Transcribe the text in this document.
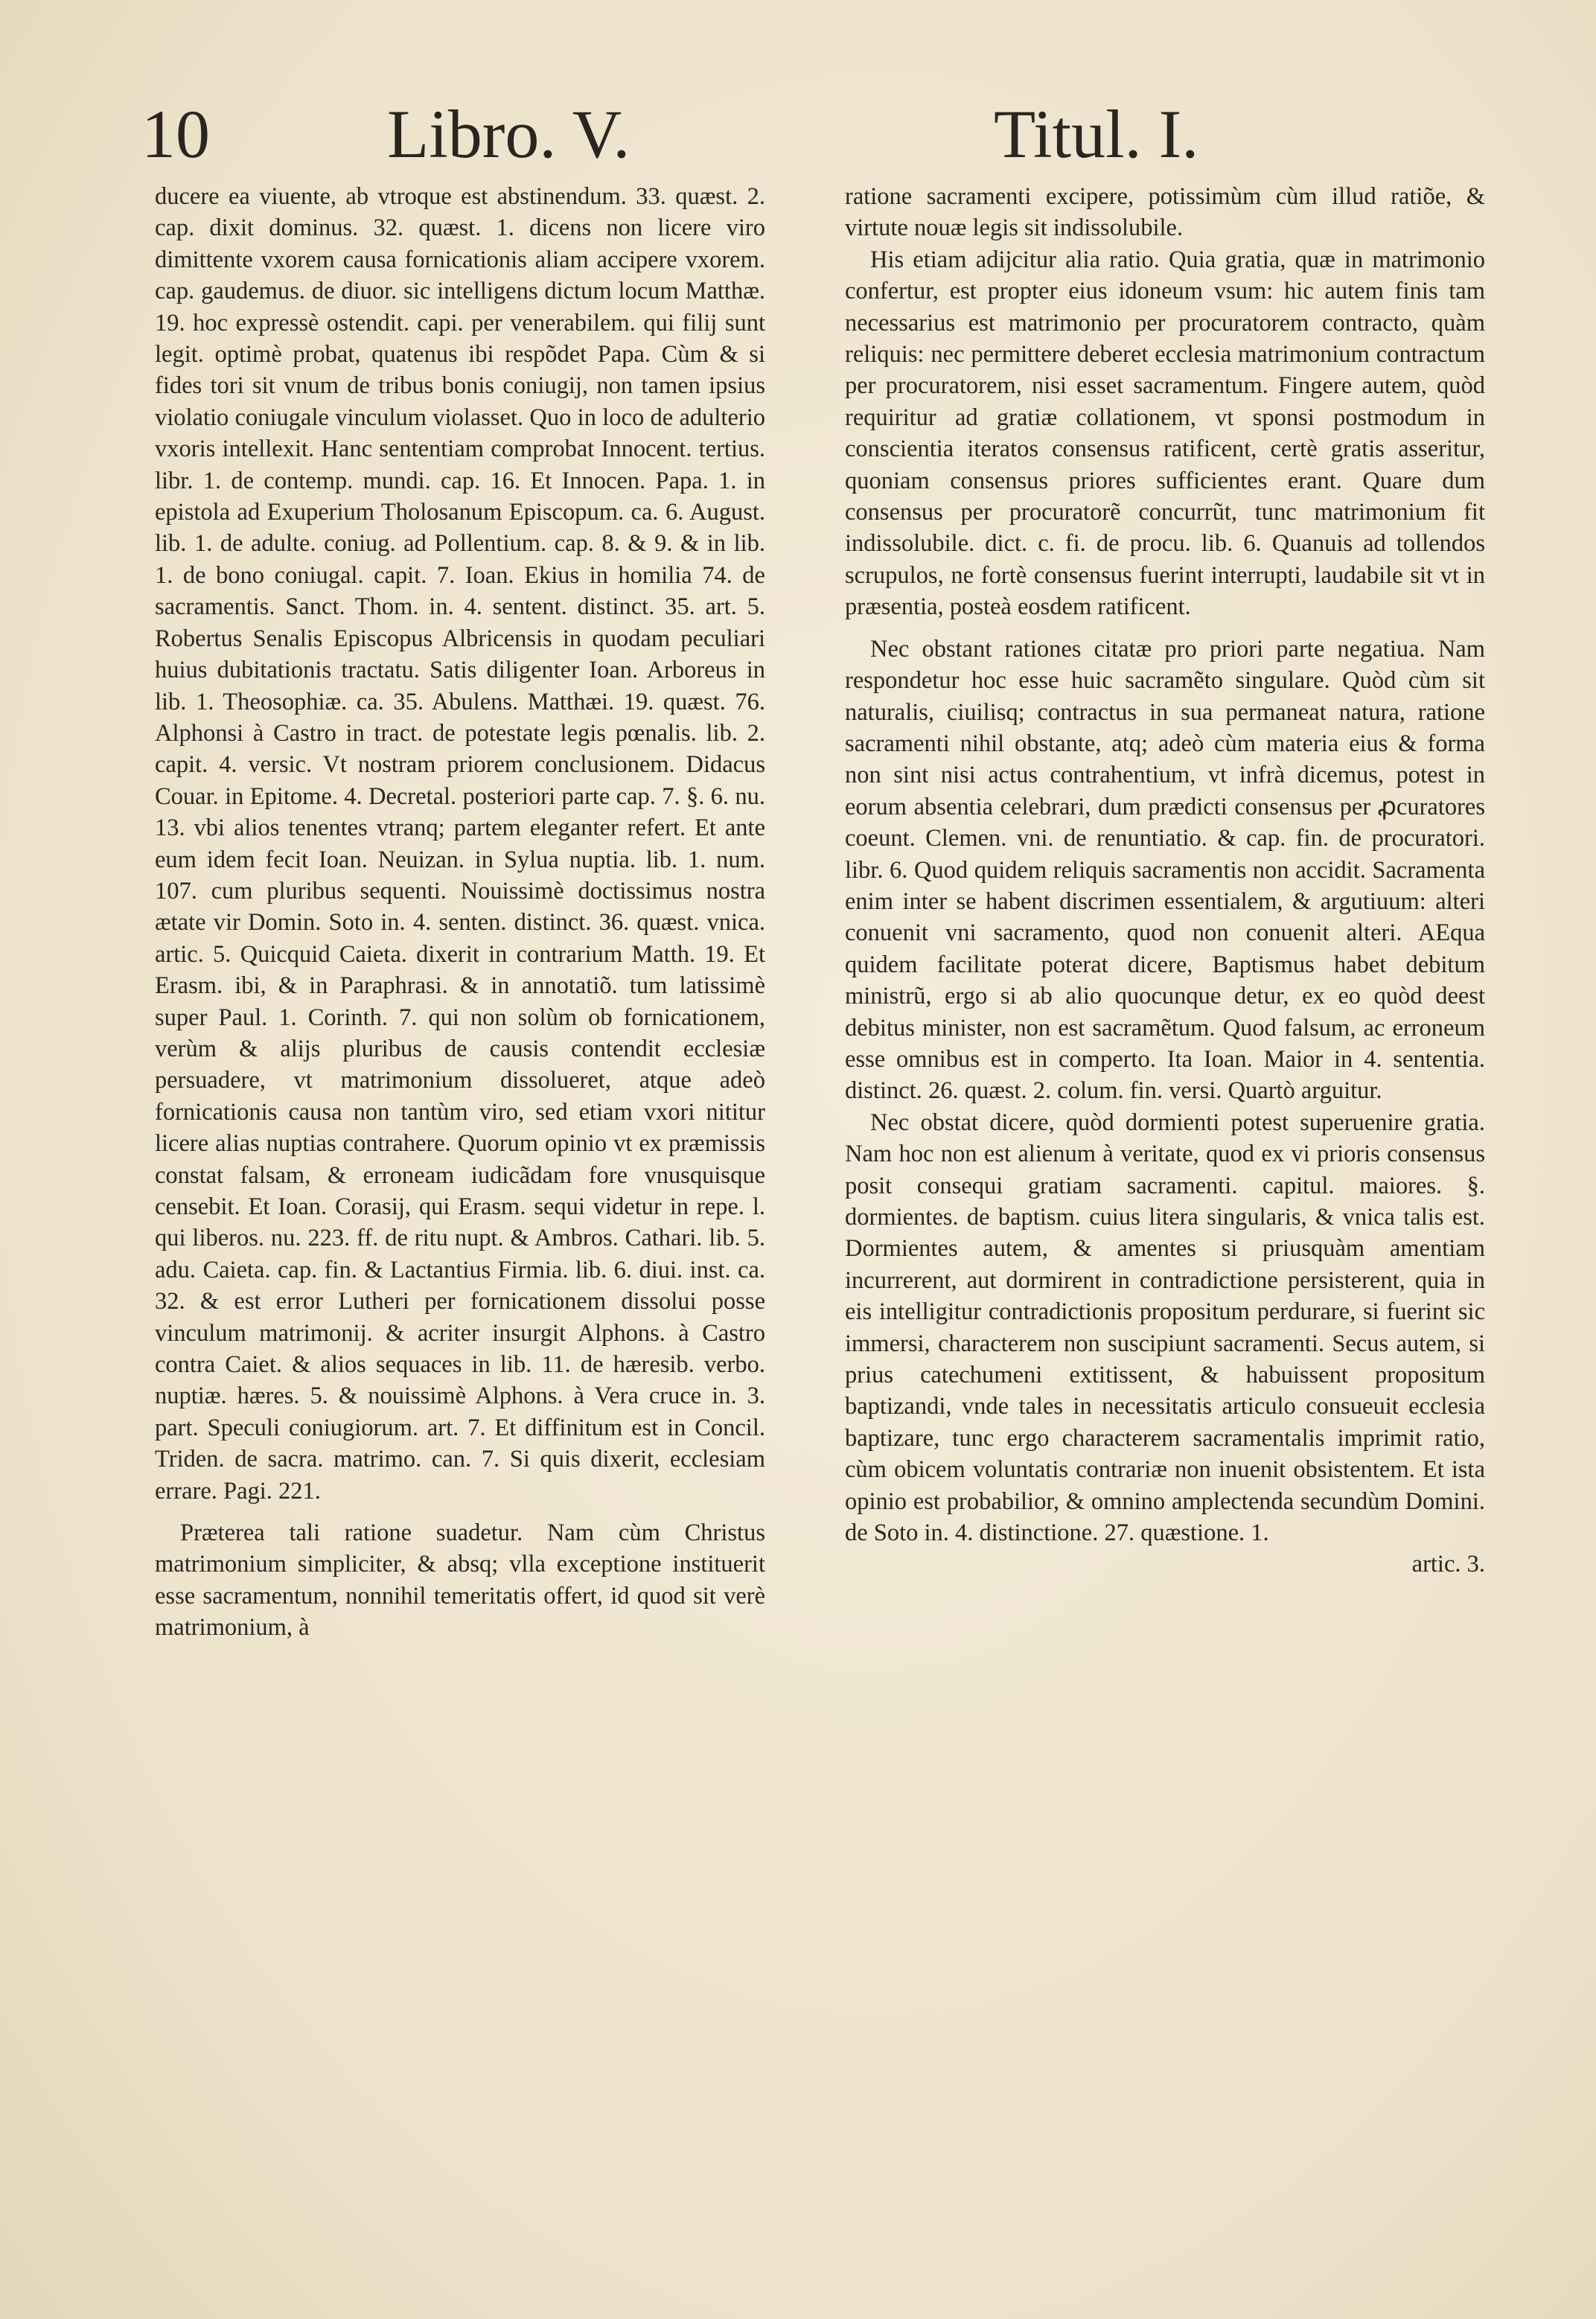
10	Libro. V.	Titul. I.

ducere ea viuente, ab vtroque est abstinendum. 33. quæst. 2. cap. dixit dominus. 32. quæst. 1. dicens non licere viro dimittente vxorem causa fornicationis aliam accipere vxorem. cap. gaudemus. de diuor. sic intelligens dictum locum Matthæ. 19. hoc expressè ostendit. capi. per venerabilem. qui filij sunt legit. optimè probat, quatenus ibi respõdet Papa. Cùm & si fides tori sit vnum de tribus bonis coniugij, non tamen ipsius violatio coniugale vinculum violasset. Quo in loco de adulterio vxoris intellexit. Hanc sententiam comprobat Innocent. tertius. libr. 1. de contemp. mundi. cap. 16. Et Innocen. Papa. 1. in epistola ad Exuperium Tholosanum Episcopum. ca. 6. August. lib. 1. de adulte. coniug. ad Pollentium. cap. 8. & 9. & in lib. 1. de bono coniugal. capit. 7. Ioan. Ekius in homilia 74. de sacramentis. Sanct. Thom. in. 4. sentent. distinct. 35. art. 5. Robertus Senalis Episcopus Albricensis in quodam peculiari huius dubitationis tractatu. Satis diligenter Ioan. Arboreus in lib. 1. Theosophiæ. ca. 35. Abulens. Matthæi. 19. quæst. 76. Alphonsi à Castro in tract. de potestate legis pœnalis. lib. 2. capit. 4. versic. Vt nostram priorem conclusionem. Didacus Couar. in Epitome. 4. Decretal. posteriori parte cap. 7. §. 6. nu. 13. vbi alios tenentes vtranq; partem eleganter refert. Et ante eum idem fecit Ioan. Neuizan. in Sylua nuptia. lib. 1. num. 107. cum pluribus sequenti. Nouissimè doctissimus nostra ætate vir Domin. Soto in. 4. senten. distinct. 36. quæst. vnica. artic. 5. Quicquid Caieta. dixerit in contrarium Matth. 19. Et Erasm. ibi, & in Paraphrasi. & in annotatiõ. tum latissimè super Paul. 1. Corinth. 7. qui non solùm ob fornicationem, verùm & alijs pluribus de causis contendit ecclesiæ persuadere, vt matrimonium dissolueret, atque adeò fornicationis causa non tantùm viro, sed etiam vxori nititur licere alias nuptias contrahere. Quorum opinio vt ex præmissis constat falsam, & erroneam iudicãdam fore vnusquisque censebit. Et Ioan. Corasij, qui Erasm. sequi videtur in repe. l. qui liberos. nu. 223. ff. de ritu nupt. & Ambros. Cathari. lib. 5. adu. Caieta. cap. fin. & Lactantius Firmia. lib. 6. diui. inst. ca. 32. & est error Lutheri per fornicationem dissolui posse vinculum matrimonij. & acriter insurgit Alphons. à Castro contra Caiet. & alios sequaces in lib. 11. de hæresib. verbo. nuptiæ. hæres. 5. & nouissimè Alphons. à Vera cruce in. 3. part. Speculi coniugiorum. art. 7. Et diffinitum est in Concil. Triden. de sacra. matrimo. can. 7. Si quis dixerit, ecclesiam errare. Pagi. 221.

Præterea tali ratione suadetur. Nam cùm Christus matrimonium simpliciter, & absq; vlla exceptione instituerit esse sacramentum, nonnihil temeritatis offert, id quod sit verè matrimonium, à

ratione sacramenti excipere, potissimùm cùm illud ratiõe, & virtute nouæ legis sit indissolubile.

His etiam adijcitur alia ratio. Quia gratia, quæ in matrimonio confertur, est propter eius idoneum vsum: hic autem finis tam necessarius est matrimonio per procuratorem contracto, quàm reliquis: nec permittere deberet ecclesia matrimonium contractum per procuratorem, nisi esset sacramentum. Fingere autem, quòd requiritur ad gratiæ collationem, vt sponsi postmodum in conscientia iteratos consensus ratificent, certè gratis asseritur, quoniam consensus priores sufficientes erant. Quare dum consensus per procuratorẽ concurrũt, tunc matrimonium fit indissolubile. dict. c. fi. de procu. lib. 6. Quanuis ad tollendos scrupulos, ne fortè consensus fuerint interrupti, laudabile sit vt in præsentia, posteà eosdem ratificent.

Nec obstant rationes citatæ pro priori parte negatiua. Nam respondetur hoc esse huic sacramẽto singulare. Quòd cùm sit naturalis, ciuilisq; contractus in sua permaneat natura, ratione sacramenti nihil obstante, atq; adeò cùm materia eius & forma non sint nisi actus contrahentium, vt infrà dicemus, potest in eorum absentia celebrari, dum prædicti consensus per ꝓcuratores coeunt. Clemen. vni. de renuntiatio. & cap. fin. de procuratori. libr. 6. Quod quidem reliquis sacramentis non accidit. Sacramenta enim inter se habent discrimen essentialem, & argutiuum: alteri conuenit vni sacramento, quod non conuenit alteri. AEqua quidem facilitate poterat dicere, Baptismus habet debitum ministrũ, ergo si ab alio quocunque detur, ex eo quòd deest debitus minister, non est sacramẽtum. Quod falsum, ac erroneum esse omnibus est in comperto. Ita Ioan. Maior in 4. sententia. distinct. 26. quæst. 2. colum. fin. versi. Quartò arguitur.

Nec obstat dicere, quòd dormienti potest superuenire gratia. Nam hoc non est alienum à veritate, quod ex vi prioris consensus posit consequi gratiam sacramenti. capitul. maiores. §. dormientes. de baptism. cuius litera singularis, & vnica talis est. Dormientes autem, & amentes si priusquàm amentiam incurrerent, aut dormirent in contradictione persisterent, quia in eis intelligitur contradictionis propositum perdurare, si fuerint sic immersi, characterem non suscipiunt sacramenti. Secus autem, si prius catechumeni extitissent, & habuissent propositum baptizandi, vnde tales in necessitatis articulo consueuit ecclesia baptizare, tunc ergo characterem sacramentalis imprimit ratio, cùm obicem voluntatis contrariæ non inuenit obsistentem. Et ista opinio est probabilior, & omnino amplectenda secundùm Domini. de Soto in. 4. distinctione. 27. quæstione. 1.

artic. 3.
